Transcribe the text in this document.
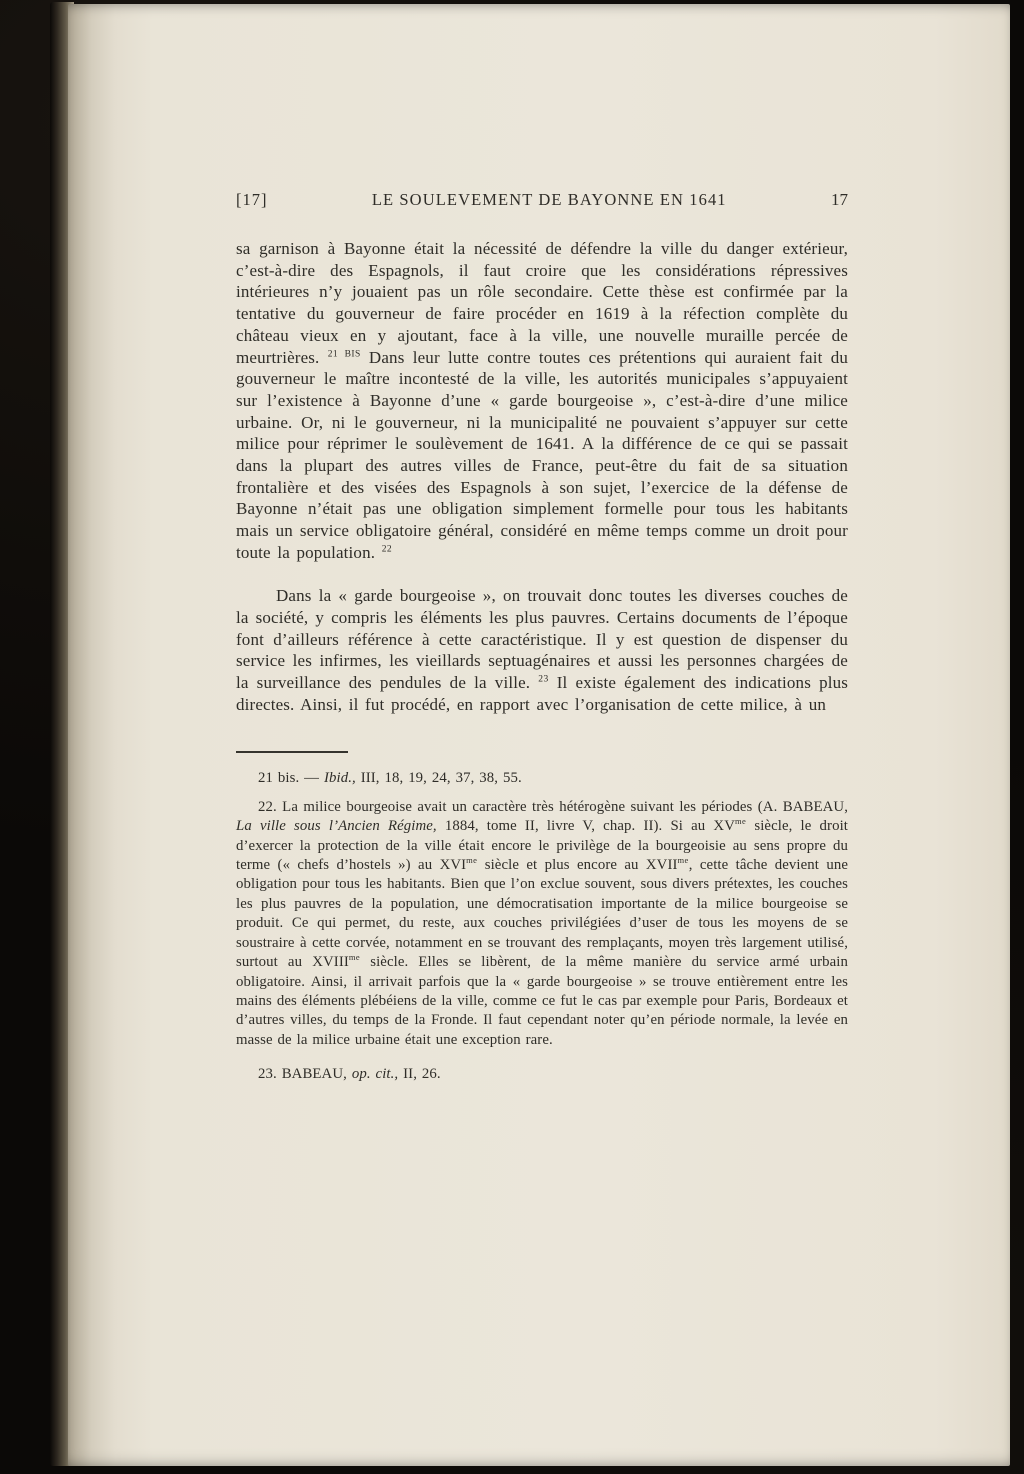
[17]	LE SOULEVEMENT DE BAYONNE EN 1641	17

sa garnison à Bayonne était la nécessité de défendre la ville du danger extérieur, c’est-à-dire des Espagnols, il faut croire que les considérations répressives intérieures n’y jouaient pas un rôle secondaire. Cette thèse est confirmée par la tentative du gouverneur de faire procéder en 1619 à la réfection complète du château vieux en y ajoutant, face à la ville, une nouvelle muraille percée de meurtrières. $^{21 BIS}$ Dans leur lutte contre toutes ces prétentions qui auraient fait du gouverneur le maître incontesté de la ville, les autorités municipales s’appuyaient sur l’existence à Bayonne d’une « garde bourgeoise », c’est-à-dire d’une milice urbaine. Or, ni le gouverneur, ni la municipalité ne pouvaient s’appuyer sur cette milice pour réprimer le soulèvement de 1641. A la différence de ce qui se passait dans la plupart des autres villes de France, peut-être du fait de sa situation frontalière et des visées des Espagnols à son sujet, l’exercice de la défense de Bayonne n’était pas une obligation simplement formelle pour tous les habitants mais un service obligatoire général, considéré en même temps comme un droit pour toute la population. $^{22}$

Dans la « garde bourgeoise », on trouvait donc toutes les diverses couches de la société, y compris les éléments les plus pauvres. Certains documents de l’époque font d’ailleurs référence à cette caractéristique. Il y est question de dispenser du service les infirmes, les vieillards septuagénaires et aussi les personnes chargées de la surveillance des pendules de la ville. $^{23}$ Il existe également des indications plus directes. Ainsi, il fut procédé, en rapport avec l’organisation de cette milice, à un

21 bis. — Ibid., III, 18, 19, 24, 37, 38, 55.

22. La milice bourgeoise avait un caractère très hétérogène suivant les périodes (A. BABEAU, La ville sous l’Ancien Régime, 1884, tome II, livre V, chap. II). Si au $XV^{me}$ siècle, le droit d’exercer la protection de la ville était encore le privilège de la bourgeoisie au sens propre du terme (« chefs d’hostels ») au $XVI^{me}$ siècle et plus encore au $XVII^{me}$, cette tâche devient une obligation pour tous les habitants. Bien que l’on exclue souvent, sous divers prétextes, les couches les plus pauvres de la population, une démocratisation importante de la milice bourgeoise se produit. Ce qui permet, du reste, aux couches privilégiées d’user de tous les moyens de se soustraire à cette corvée, notamment en se trouvant des remplaçants, moyen très largement utilisé, surtout au $XVIII^{me}$ siècle. Elles se libèrent, de la même manière du service armé urbain obligatoire. Ainsi, il arrivait parfois que la « garde bourgeoise » se trouve entièrement entre les mains des éléments plébéiens de la ville, comme ce fut le cas par exemple pour Paris, Bordeaux et d’autres villes, du temps de la Fronde. Il faut cependant noter qu’en période normale, la levée en masse de la milice urbaine était une exception rare.

23. BABEAU, op. cit., II, 26.
